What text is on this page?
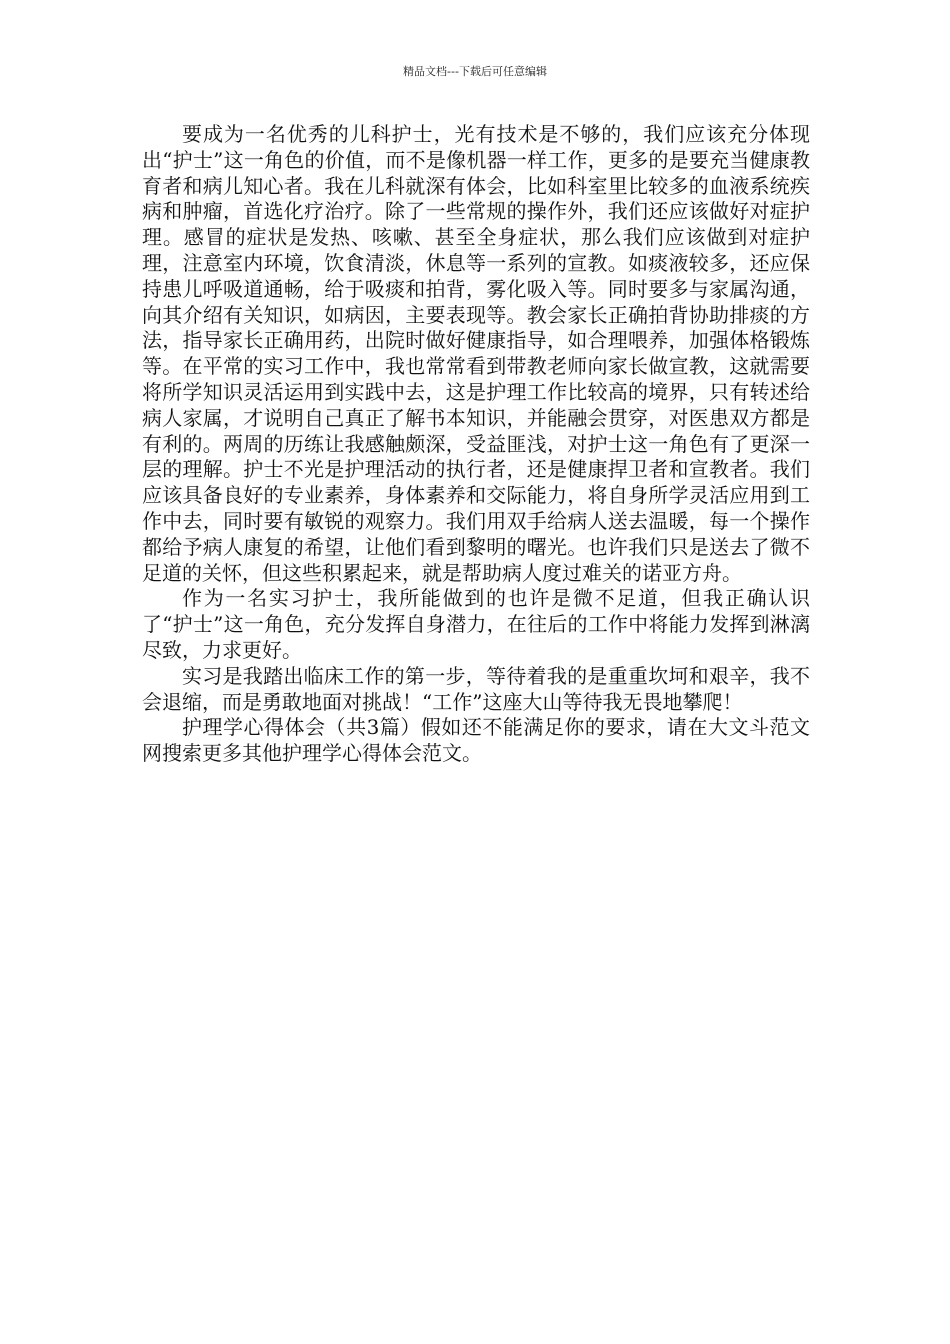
精品文档---下载后可任意编辑

要成为一名优秀的儿科护士，光有技术是不够的，我们应该充分体现出“护士”这一角色的价值，而不是像机器一样工作，更多的是要充当健康教育者和病儿知心者。我在儿科就深有体会，比如科室里比较多的血液系统疾病和肿瘤，首选化疗治疗。除了一些常规的操作外，我们还应该做好对症护理。感冒的症状是发热、咳嗽、甚至全身症状，那么我们应该做到对症护理，注意室内环境，饮食清淡，休息等一系列的宣教。如痰液较多，还应保持患儿呼吸道通畅，给于吸痰和拍背，雾化吸入等。同时要多与家属沟通，向其介绍有关知识，如病因，主要表现等。教会家长正确拍背协助排痰的方法，指导家长正确用药，出院时做好健康指导，如合理喂养，加强体格锻炼等。在平常的实习工作中，我也常常看到带教老师向家长做宣教，这就需要将所学知识灵活运用到实践中去，这是护理工作比较高的境界，只有转述给病人家属，才说明自己真正了解书本知识，并能融会贯穿，对医患双方都是有利的。两周的历练让我感触颇深，受益匪浅，对护士这一角色有了更深一层的理解。护士不光是护理活动的执行者，还是健康捍卫者和宣教者。我们应该具备良好的专业素养，身体素养和交际能力，将自身所学灵活应用到工作中去，同时要有敏锐的观察力。我们用双手给病人送去温暖，每一个操作都给予病人康复的希望，让他们看到黎明的曙光。也许我们只是送去了微不足道的关怀，但这些积累起来，就是帮助病人度过难关的诺亚方舟。

作为一名实习护士，我所能做到的也许是微不足道，但我正确认识了“护士”这一角色，充分发挥自身潜力，在往后的工作中将能力发挥到淋漓尽致，力求更好。

实习是我踏出临床工作的第一步，等待着我的是重重坎坷和艰辛，我不会退缩，而是勇敢地面对挑战！“工作”这座大山等待我无畏地攀爬！

护理学心得体会（共3篇）假如还不能满足你的要求，请在大文斗范文网搜索更多其他护理学心得体会范文。
